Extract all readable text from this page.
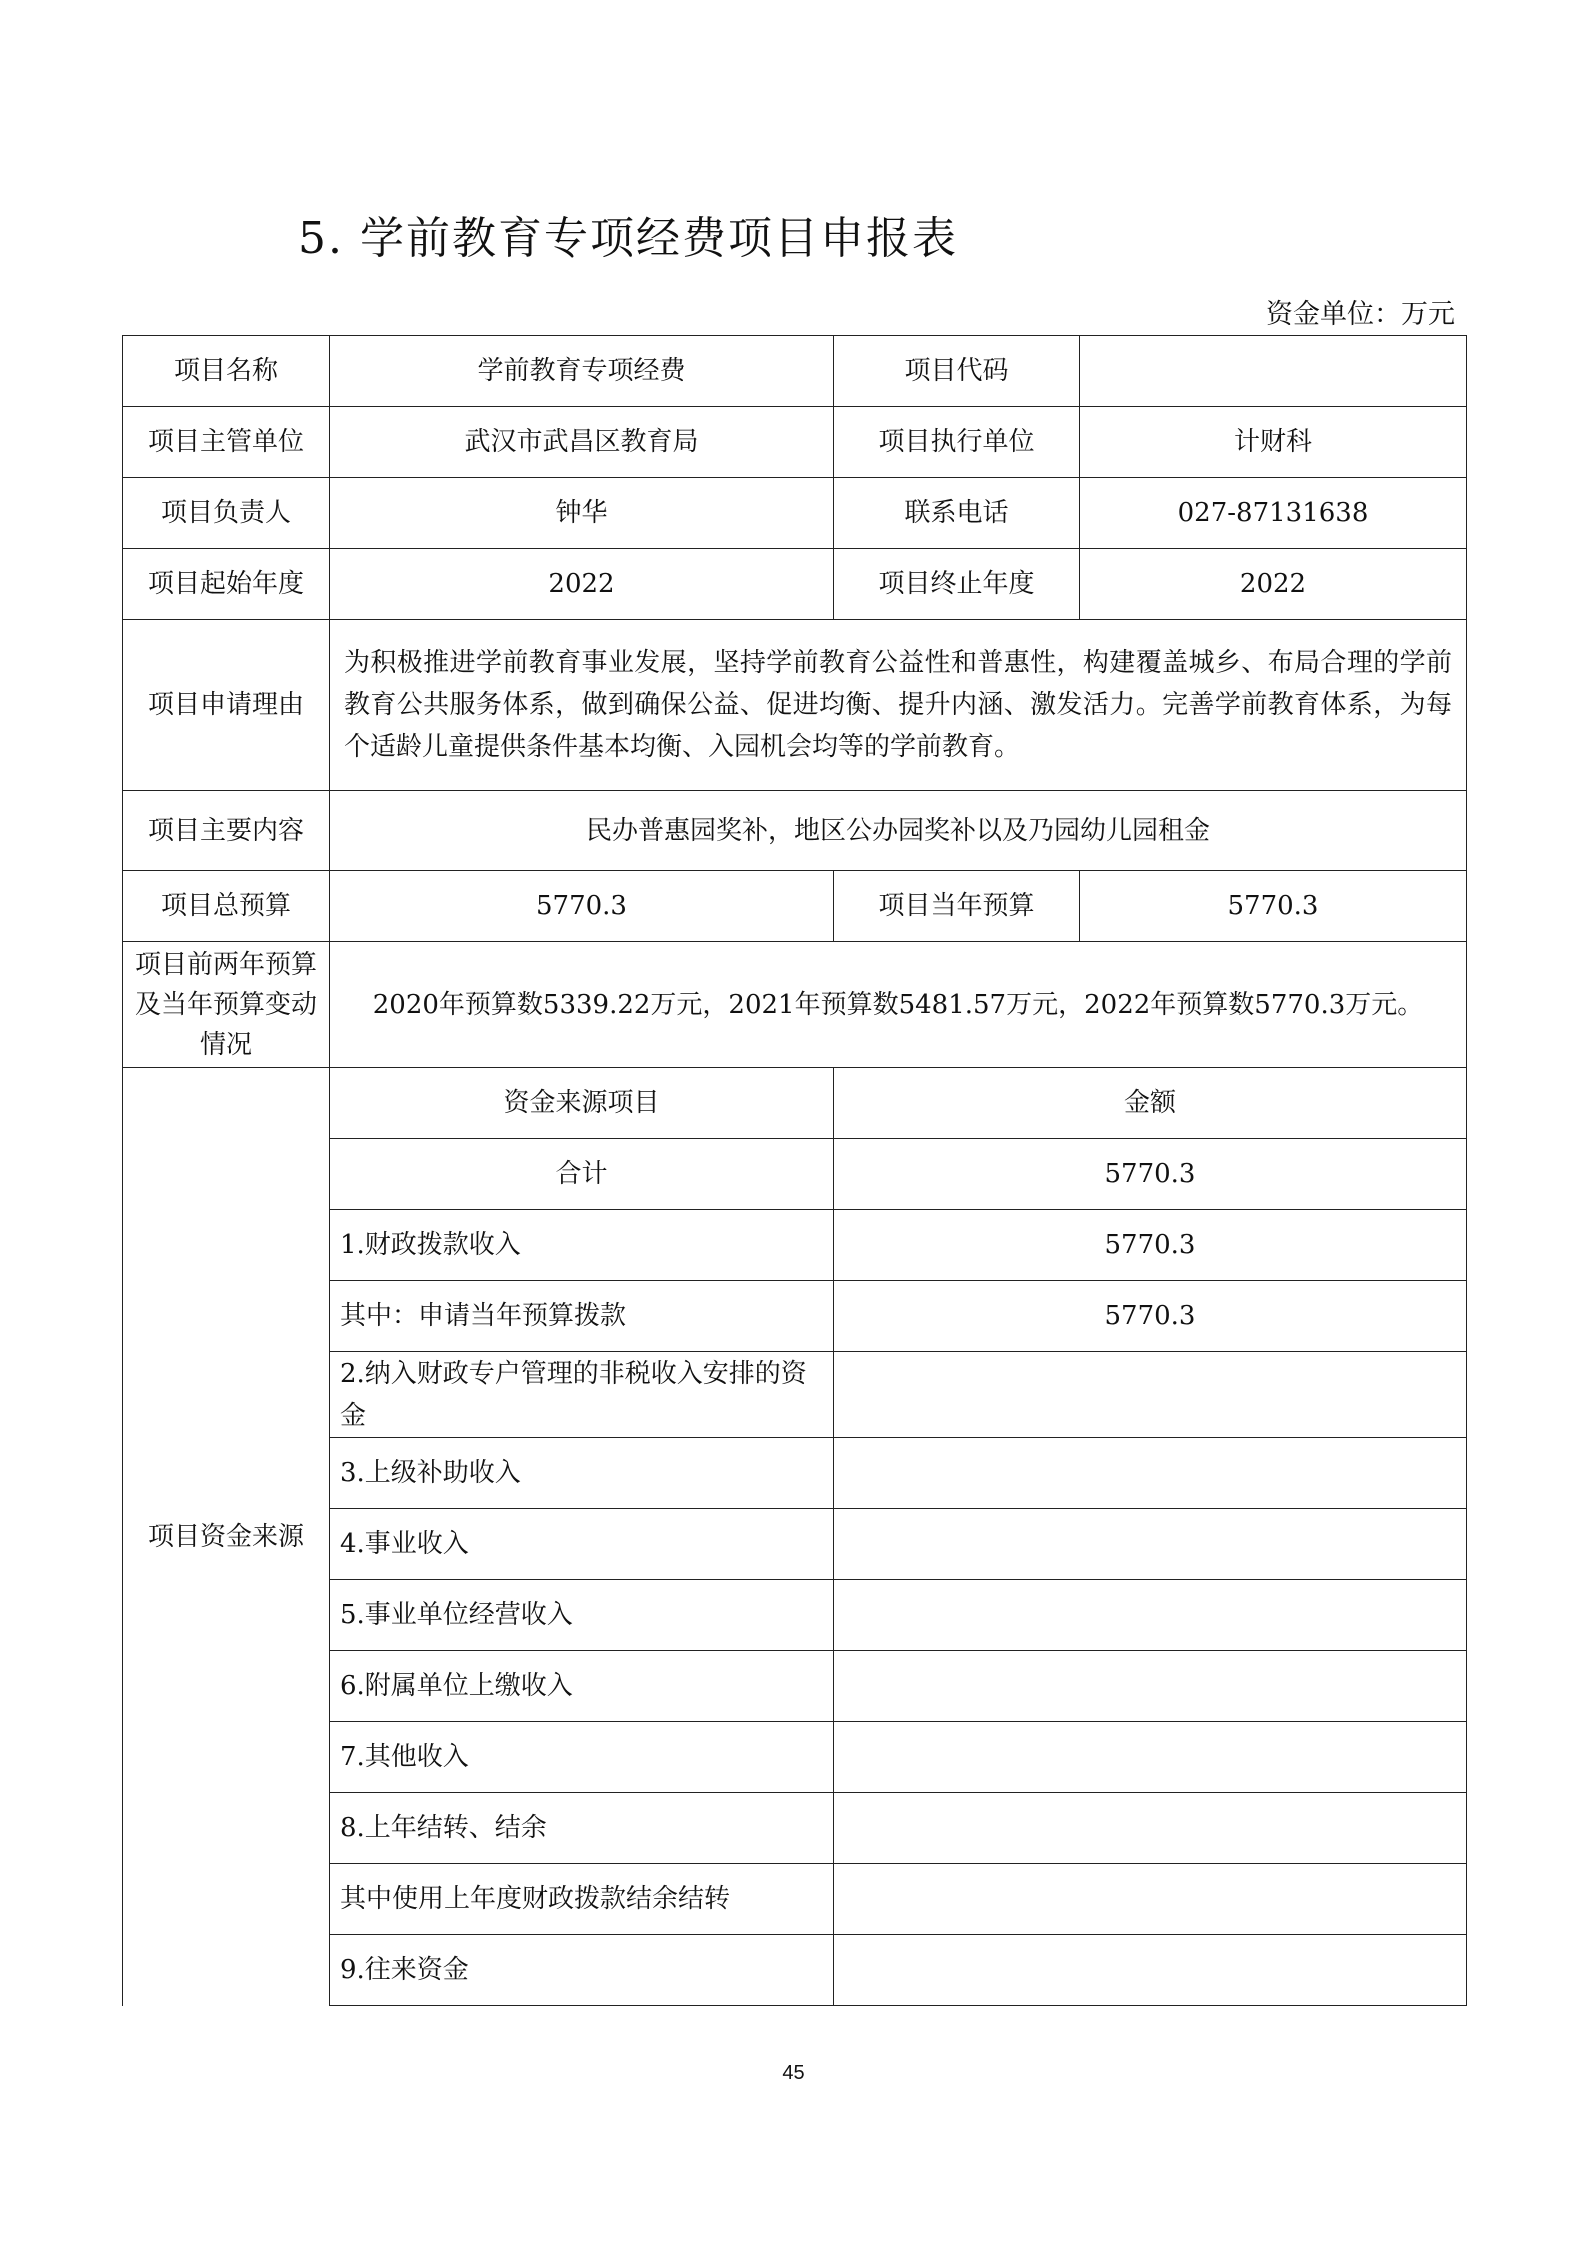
5. 学前教育专项经费项目申报表
资金单位：万元
项目名称	学前教育专项经费	项目代码	
项目主管单位	武汉市武昌区教育局	项目执行单位	计财科
项目负责人	钟华	联系电话	027-87131638
项目起始年度	2022	项目终止年度	2022
项目申请理由	为积极推进学前教育事业发展，坚持学前教育公益性和普惠性，构建覆盖城乡、布局合理的学前教育公共服务体系，做到确保公益、促进均衡、提升内涵、激发活力。完善学前教育体系，为每个适龄儿童提供条件基本均衡、入园机会均等的学前教育。		
项目主要内容	民办普惠园奖补，地区公办园奖补以及乃园幼儿园租金		
项目总预算	5770.3	项目当年预算	5770.3
项目前两年预算及当年预算变动情况	2020年预算数5339.22万元，2021年预算数5481.57万元，2022年预算数5770.3万元。		
项目资金来源	资金来源项目	金额	
	合计	5770.3	
	1.财政拨款收入	5770.3	
	其中：申请当年预算拨款	5770.3	
	2.纳入财政专户管理的非税收入安排的资金		
	3.上级补助收入		
	4.事业收入		
	5.事业单位经营收入		
	6.附属单位上缴收入		
	7.其他收入		
	8.上年结转、结余		
	其中使用上年度财政拨款结余结转		
	9.往来资金		
45
